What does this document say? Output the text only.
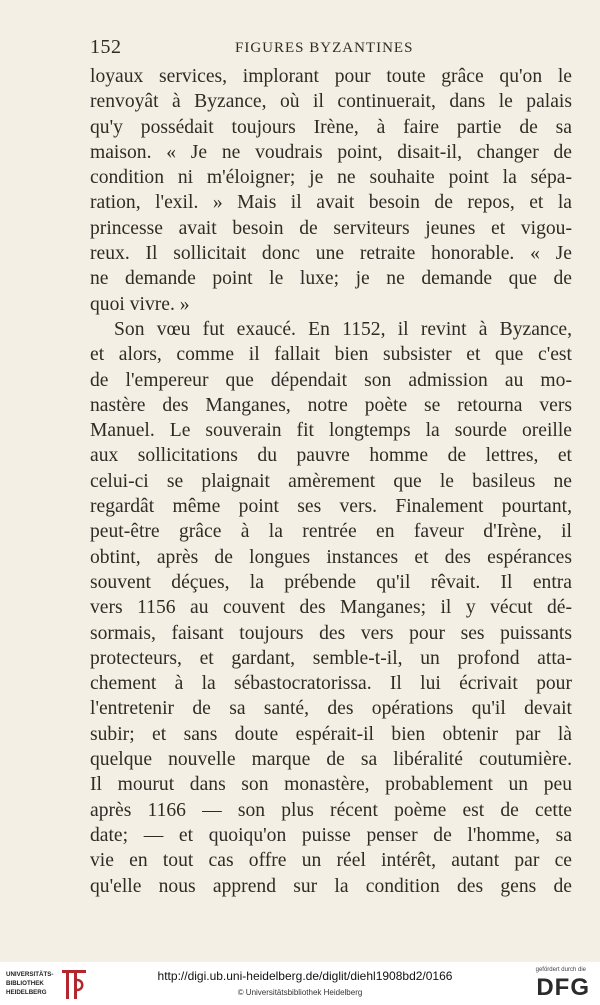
152	FIGURES BYZANTINES
loyaux services, implorant pour toute grâce qu'on le
renvoyât à Byzance, où il continuerait, dans le palais
qu'y possédait toujours Irène, à faire partie de sa
maison. « Je ne voudrais point, disait-il, changer de
condition ni m'éloigner; je ne souhaite point la sépa-
ration, l'exil. » Mais il avait besoin de repos, et la
princesse avait besoin de serviteurs jeunes et vigou-
reux. Il sollicitait donc une retraite honorable. « Je
ne demande point le luxe; je ne demande que de
quoi vivre. »
Son vœu fut exaucé. En 1152, il revint à Byzance,
et alors, comme il fallait bien subsister et que c'est
de l'empereur que dépendait son admission au mo-
nastère des Manganes, notre poète se retourna vers
Manuel. Le souverain fit longtemps la sourde oreille
aux sollicitations du pauvre homme de lettres, et
celui-ci se plaignait amèrement que le basileus ne
regardât même point ses vers. Finalement pourtant,
peut-être grâce à la rentrée en faveur d'Irène, il
obtint, après de longues instances et des espérances
souvent déçues, la prébende qu'il rêvait. Il entra
vers 1156 au couvent des Manganes; il y vécut dé-
sormais, faisant toujours des vers pour ses puissants
protecteurs, et gardant, semble-t-il, un profond atta-
chement à la sébastocratorissa. Il lui écrivait pour
l'entretenir de sa santé, des opérations qu'il devait
subir; et sans doute espérait-il bien obtenir par là
quelque nouvelle marque de sa libéralité coutumière.
Il mourut dans son monastère, probablement un peu
après 1166 — son plus récent poème est de cette
date; — et quoiqu'on puisse penser de l'homme, sa
vie en tout cas offre un réel intérêt, autant par ce
qu'elle nous apprend sur la condition des gens de
UNIVERSITÄTS-
BIBLIOTHEK
HEIDELBERG
http://digi.ub.uni-heidelberg.de/diglit/diehl1908bd2/0166
© Universitätsbibliothek Heidelberg
gefördert durch die
DFG
